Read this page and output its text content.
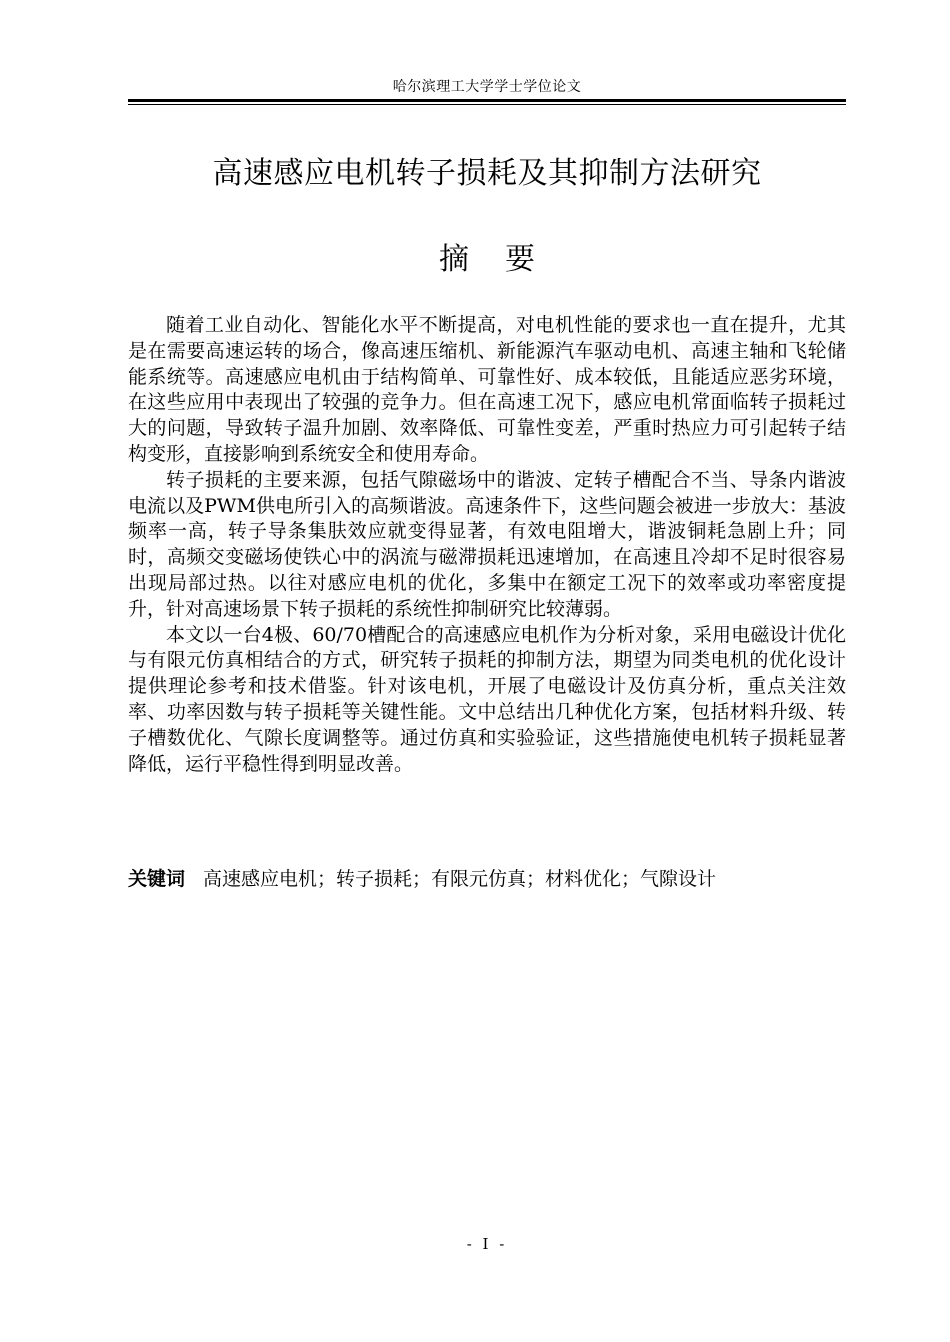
哈尔滨理工大学学士学位论文
高速感应电机转子损耗及其抑制方法研究
摘要

随着工业自动化、智能化水平不断提高，对电机性能的要求也一直在提升，尤其是在需要高速运转的场合，像高速压缩机、新能源汽车驱动电机、高速主轴和飞轮储能系统等。高速感应电机由于结构简单、可靠性好、成本较低，且能适应恶劣环境，在这些应用中表现出了较强的竞争力。但在高速工况下，感应电机常面临转子损耗过大的问题，导致转子温升加剧、效率降低、可靠性变差，严重时热应力可引起转子结构变形，直接影响到系统安全和使用寿命。

转子损耗的主要来源，包括气隙磁场中的谐波、定转子槽配合不当、导条内谐波电流以及PWM供电所引入的高频谐波。高速条件下，这些问题会被进一步放大：基波频率一高，转子导条集肤效应就变得显著，有效电阻增大，谐波铜耗急剧上升；同时，高频交变磁场使铁心中的涡流与磁滞损耗迅速增加，在高速且冷却不足时很容易出现局部过热。以往对感应电机的优化，多集中在额定工况下的效率或功率密度提升，针对高速场景下转子损耗的系统性抑制研究比较薄弱。

本文以一台4极、60/70槽配合的高速感应电机作为分析对象，采用电磁设计优化与有限元仿真相结合的方式，研究转子损耗的抑制方法，期望为同类电机的优化设计提供理论参考和技术借鉴。针对该电机，开展了电磁设计及仿真分析，重点关注效率、功率因数与转子损耗等关键性能。文中总结出几种优化方案，包括材料升级、转子槽数优化、气隙长度调整等。通过仿真和实验验证，这些措施使电机转子损耗显著降低，运行平稳性得到明显改善。

关键词 高速感应电机；转子损耗；有限元仿真；材料优化；气隙设计
- I -
